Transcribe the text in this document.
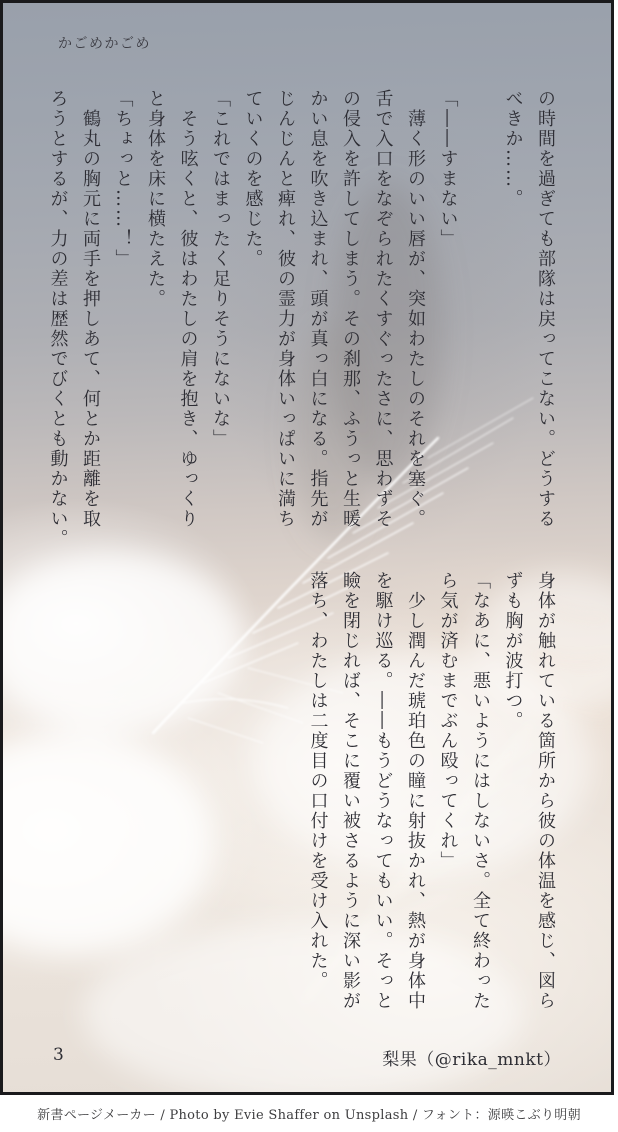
かごめかごめ

の時間を過ぎても部隊は戻ってこない。どうする

べきか……。

「――すまない」

　薄く形のいい唇が、突如わたしのそれを塞ぐ。

舌で入口をなぞられたくすぐったさに、思わずそ

の侵入を許してしまう。その刹那、ふうっと生暖

かい息を吹き込まれ、頭が真っ白になる。指先が

じんじんと痺れ、彼の霊力が身体いっぱいに満ち

ていくのを感じた。

「これではまったく足りそうにないな」

　そう呟くと、彼はわたしの肩を抱き、ゆっくり

と身体を床に横たえた。

「ちょっと……！」

　鶴丸の胸元に両手を押しあて、何とか距離を取

ろうとするが、力の差は歴然でびくとも動かない。

身体が触れている箇所から彼の体温を感じ、図ら

ずも胸が波打つ。

「なあに、悪いようにはしないさ。全て終わった

ら気が済むまでぶん殴ってくれ」

　少し潤んだ琥珀色の瞳に射抜かれ、熱が身体中

を駆け巡る。――もうどうなってもいい。そっと

瞼を閉じれば、そこに覆い被さるように深い影が

落ち、わたしは二度目の口付けを受け入れた。

3	梨果（@rika_mnkt）
新書ページメーカー / Photo by Evie Shaffer on Unsplash / フォント：源暎こぶり明朝
